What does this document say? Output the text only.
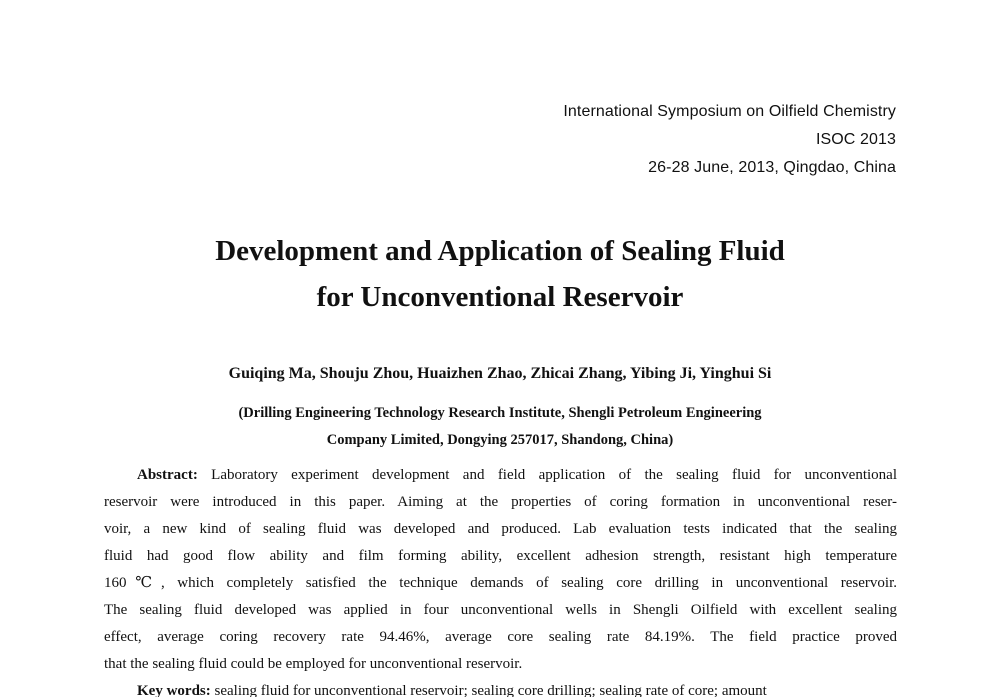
International Symposium on Oilfield Chemistry
ISOC 2013
26-28 June, 2013, Qingdao, China
Development and Application of Sealing Fluid
for Unconventional Reservoir
Guiqing Ma, Shouju Zhou, Huaizhen Zhao, Zhicai Zhang, Yibing Ji, Yinghui Si
(Drilling Engineering Technology Research Institute, Shengli Petroleum Engineering
Company Limited, Dongying 257017, Shandong, China)
Abstract: Laboratory experiment development and field application of the sealing fluid for unconventional
reservoir were introduced in this paper. Aiming at the properties of coring formation in unconventional reser-
voir, a new kind of sealing fluid was developed and produced. Lab evaluation tests indicated that the sealing
fluid had good flow ability and film forming ability, excellent adhesion strength, resistant high temperature
160℃, which completely satisfied the technique demands of sealing core drilling in unconventional reservoir.
The sealing fluid developed was applied in four unconventional wells in Shengli Oilfield with excellent sealing
effect, average coring recovery rate 94.46%, average core sealing rate 84.19%. The field practice proved
that the sealing fluid could be employed for unconventional reservoir.
Key words: sealing fluid for unconventional reservoir; sealing core drilling; sealing rate of core; amount
